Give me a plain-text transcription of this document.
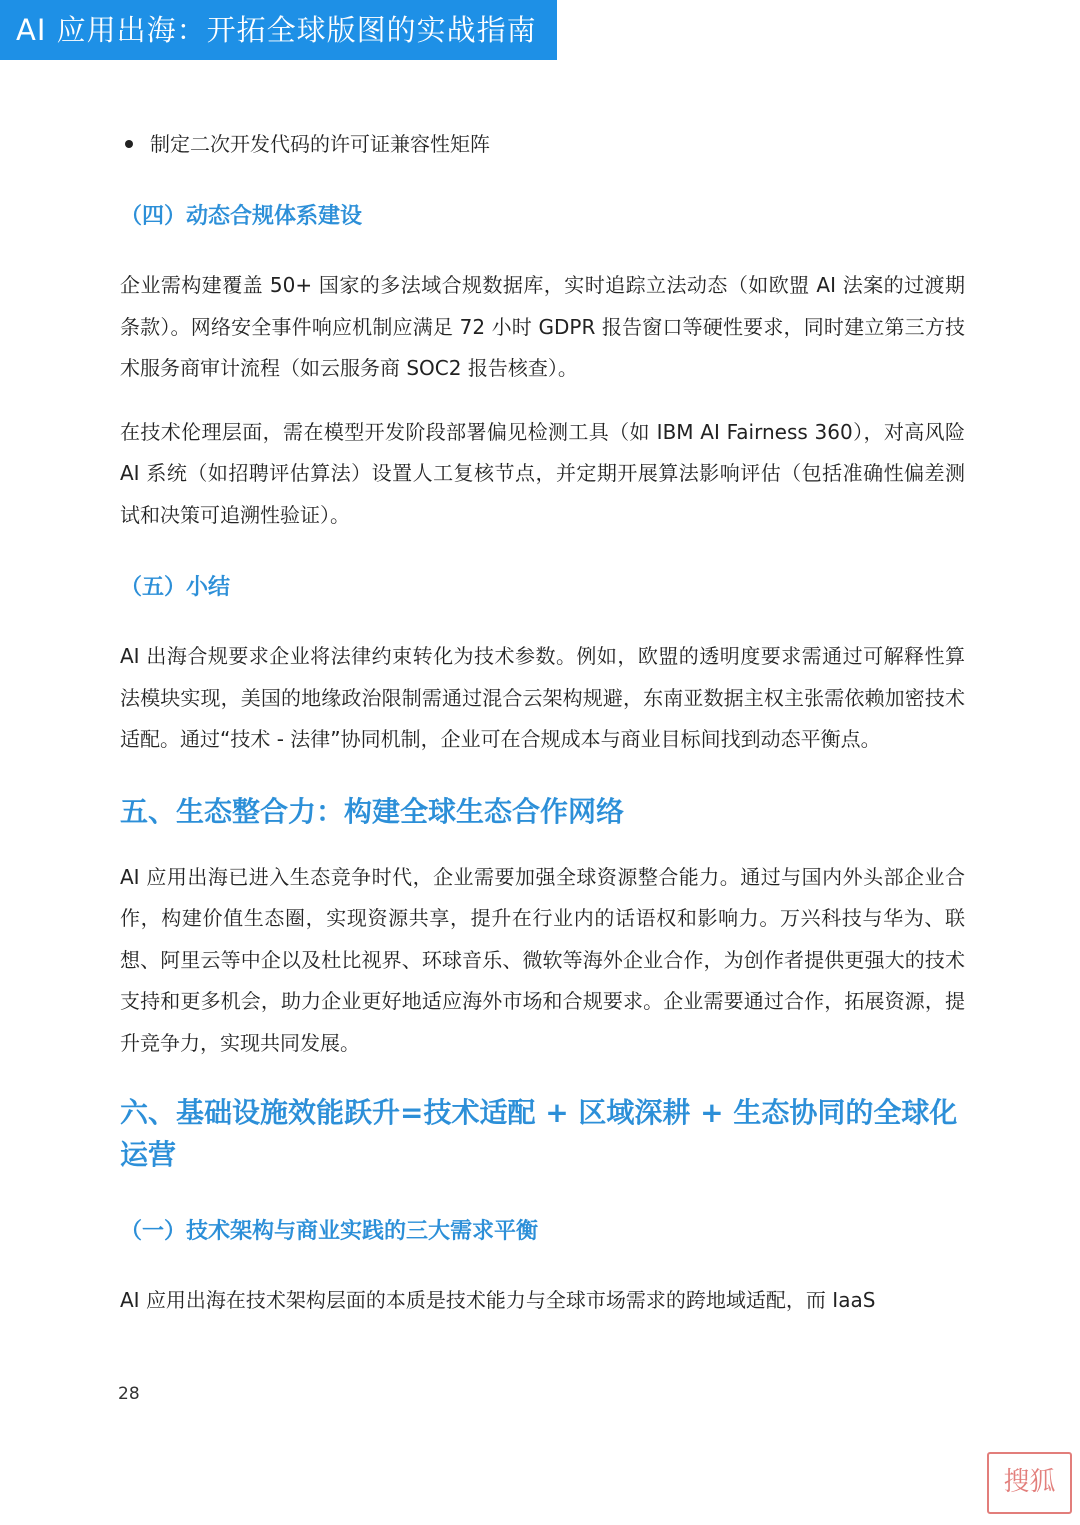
AI 应用出海：开拓全球版图的实战指南
制定二次开发代码的许可证兼容性矩阵
（四）动态合规体系建设

企业需构建覆盖 50+ 国家的多法域合规数据库，实时追踪立法动态（如欧盟 AI 法案的过渡期条款）。网络安全事件响应机制应满足 72 小时 GDPR 报告窗口等硬性要求，同时建立第三方技术服务商审计流程（如云服务商 SOC2 报告核查）。

在技术伦理层面，需在模型开发阶段部署偏见检测工具（如 IBM AI Fairness 360），对高风险 AI 系统（如招聘评估算法）设置人工复核节点，并定期开展算法影响评估（包括准确性偏差测试和决策可追溯性验证）。

（五）小结

AI 出海合规要求企业将法律约束转化为技术参数。例如，欧盟的透明度要求需通过可解释性算法模块实现，美国的地缘政治限制需通过混合云架构规避，东南亚数据主权主张需依赖加密技术适配。通过“技术 - 法律”协同机制，企业可在合规成本与商业目标间找到动态平衡点。

五、生态整合力：构建全球生态合作网络

AI 应用出海已进入生态竞争时代，企业需要加强全球资源整合能力。通过与国内外头部企业合作，构建价值生态圈，实现资源共享，提升在行业内的话语权和影响力。万兴科技与华为、联想、阿里云等中企以及杜比视界、环球音乐、微软等海外企业合作，为创作者提供更强大的技术支持和更多机会，助力企业更好地适应海外市场和合规要求。企业需要通过合作，拓展资源，提升竞争力，实现共同发展。

六、基础设施效能跃升=技术适配 + 区域深耕 + 生态协同的全球化运营
（一）技术架构与商业实践的三大需求平衡

AI 应用出海在技术架构层面的本质是技术能力与全球市场需求的跨地域适配，而 IaaS

28
搜狐
